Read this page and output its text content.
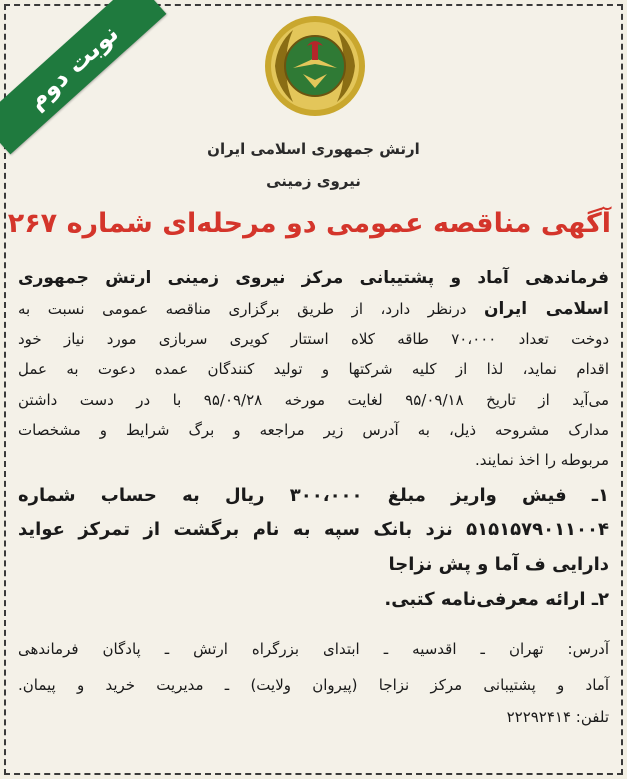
نوبت دوم
ارتش جمهوری اسلامی ایران
نیروی زمینی
آگهی مناقصه عمومی دو مرحله‌ای شماره ۲۶۷
فرماندهی آماد و پشتیبانی مرکز نیروی زمینی ارتش جمهوری
اسلامی ایران درنظر دارد، از طریق برگزاری مناقصه عمومی نسبت به
دوخت تعداد ۷۰،۰۰۰ طاقه کلاه استتار کویری سربازی مورد نیاز خود
اقدام نماید، لذا از کلیه شرکتها و تولید کنندگان عمده دعوت به عمل
می‌آید از تاریخ ۹۵/۰۹/۱۸ لغایت مورخه ۹۵/۰۹/۲۸ با در دست داشتن
مدارک مشروحه ذیل، به آدرس زیر مراجعه و برگ شرایط و مشخصات
مربوطه را اخذ نمایند.
۱ـ فیش واریز مبلغ ۳۰۰،۰۰۰ ریال به حساب شماره
۵۱۵۱۵۷۹۰۱۱۰۰۴ نزد بانک سپه به نام برگشت از تمرکز عواید
دارایی ف آما و پش نزاجا
۲ـ ارائه معرفی‌نامه کتبی.
آدرس: تهران ـ اقدسیه ـ ابتدای بزرگراه ارتش ـ پادگان فرماندهی
آماد و پشتیبانی مرکز نزاجا (پیروان ولایت) ـ مدیریت خرید و پیمان.
تلفن: ۲۲۲۹۲۴۱۴
